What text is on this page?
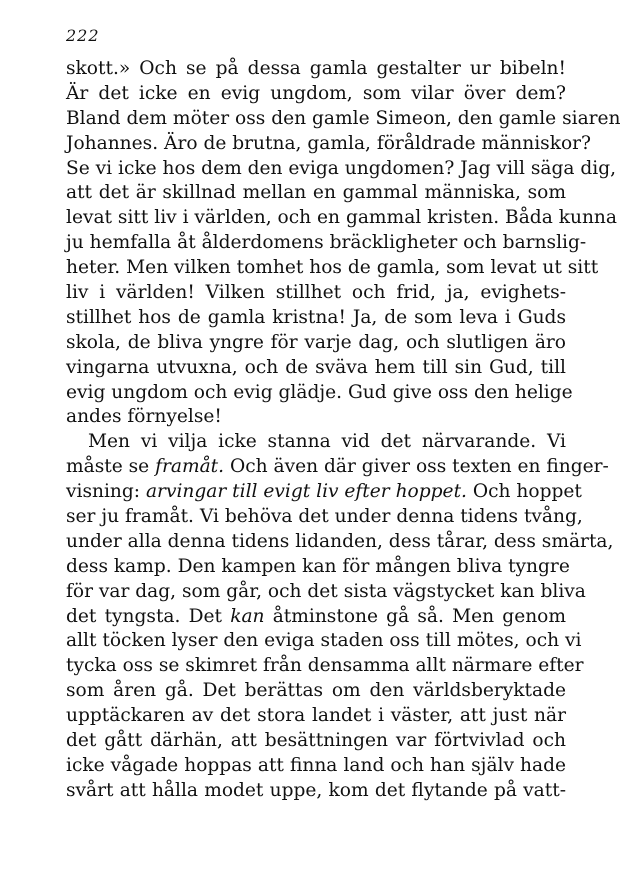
222
skott.» Och se på dessa gamla gestalter ur bibeln!
Är det icke en evig ungdom, som vilar över dem?
Bland dem möter oss den gamle Simeon, den gamle siaren
Johannes. Äro de brutna, gamla, föråldrade människor?
Se vi icke hos dem den eviga ungdomen? Jag vill säga dig,
att det är skillnad mellan en gammal människa, som
levat sitt liv i världen, och en gammal kristen. Båda kunna
ju hemfalla åt ålderdomens bräckligheter och barnslig-
heter. Men vilken tomhet hos de gamla, som levat ut sitt
liv i världen! Vilken stillhet och frid, ja, evighets-
stillhet hos de gamla kristna! Ja, de som leva i Guds
skola, de bliva yngre för varje dag, och slutligen äro
vingarna utvuxna, och de sväva hem till sin Gud, till
evig ungdom och evig glädje. Gud give oss den helige
andes förnyelse!
Men vi vilja icke stanna vid det närvarande. Vi
måste se framåt. Och även där giver oss texten en finger-
visning: arvingar till evigt liv efter hoppet. Och hoppet
ser ju framåt. Vi behöva det under denna tidens tvång,
under alla denna tidens lidanden, dess tårar, dess smärta,
dess kamp. Den kampen kan för mången bliva tyngre
för var dag, som går, och det sista vägstycket kan bliva
det tyngsta. Det kan åtminstone gå så. Men genom
allt töcken lyser den eviga staden oss till mötes, och vi
tycka oss se skimret från densamma allt närmare efter
som åren gå. Det berättas om den världsberyktade
upptäckaren av det stora landet i väster, att just när
det gått därhän, att besättningen var förtvivlad och
icke vågade hoppas att finna land och han själv hade
svårt att hålla modet uppe, kom det flytande på vatt-
